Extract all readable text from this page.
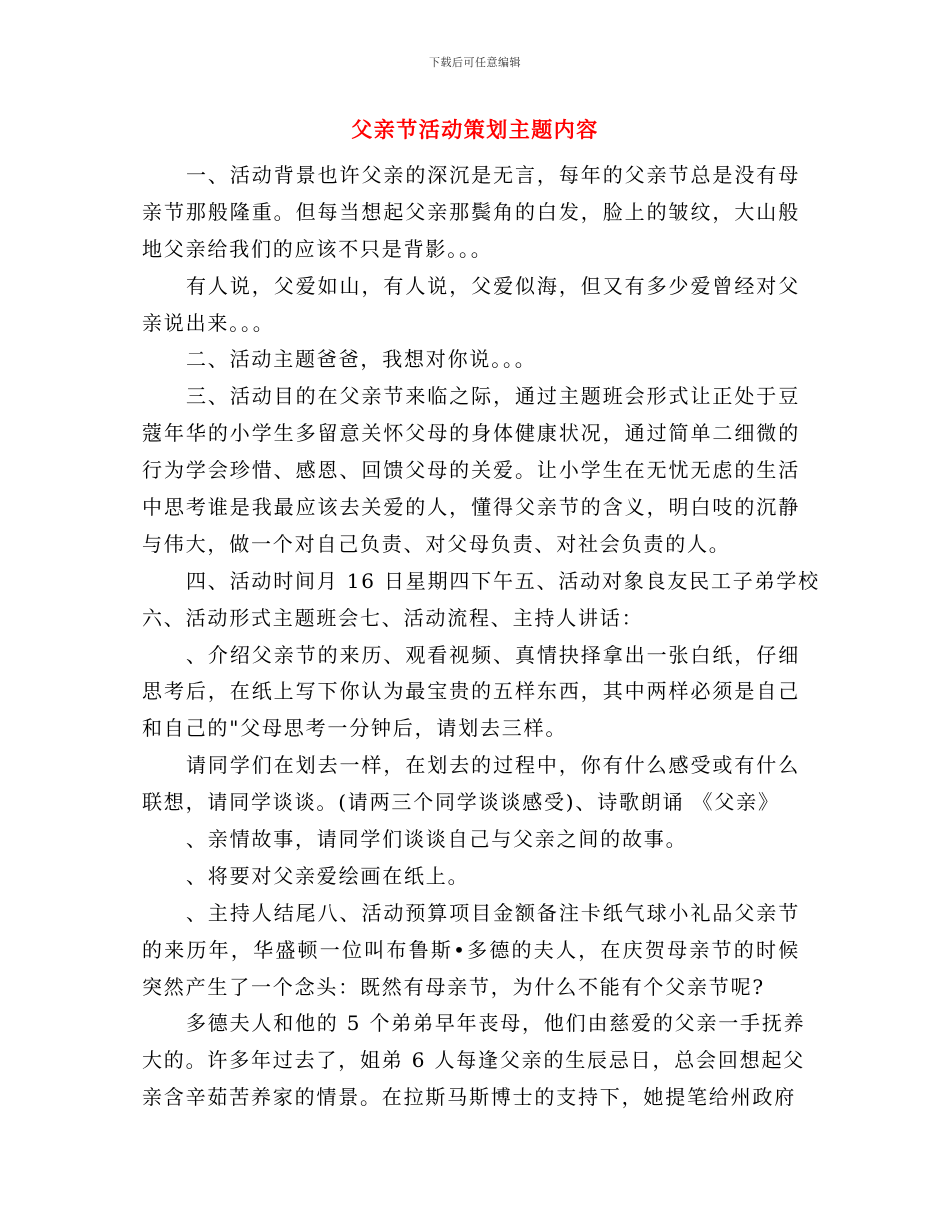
下载后可任意编辑
父亲节活动策划主题内容
一、活动背景也许父亲的深沉是无言，每年的父亲节总是没有母
亲节那般隆重。但每当想起父亲那鬓角的白发，脸上的皱纹，大山般
地父亲给我们的应该不只是背影。。。
有人说，父爱如山，有人说，父爱似海，但又有多少爱曾经对父
亲说出来。。。
二、活动主题爸爸，我想对你说。。。
三、活动目的在父亲节来临之际，通过主题班会形式让正处于豆
蔻年华的小学生多留意关怀父母的身体健康状况，通过简单二细微的
行为学会珍惜、感恩、回馈父母的关爱。让小学生在无忧无虑的生活
中思考谁是我最应该去关爱的人，懂得父亲节的含义，明白吱的沉静
与伟大，做一个对自己负责、对父母负责、对社会负责的人。
四、活动时间月 16 日星期四下午五、活动对象良友民工子弟学校
六、活动形式主题班会七、活动流程、主持人讲话：
、介绍父亲节的来历、观看视频、真情抉择拿出一张白纸，仔细
思考后，在纸上写下你认为最宝贵的五样东西，其中两样必须是自己
和自己的"父母思考一分钟后，请划去三样。
请同学们在划去一样，在划去的过程中，你有什么感受或有什么
联想，请同学谈谈。(请两三个同学谈谈感受)、诗歌朗诵 《父亲》
、亲情故事，请同学们谈谈自己与父亲之间的故事。
、将要对父亲爱绘画在纸上。
、主持人结尾八、活动预算项目金额备注卡纸气球小礼品父亲节
的来历年，华盛顿一位叫布鲁斯•多德的夫人，在庆贺母亲节的时候
突然产生了一个念头：既然有母亲节，为什么不能有个父亲节呢?
多德夫人和他的 5 个弟弟早年丧母，他们由慈爱的父亲一手抚养
大的。许多年过去了，姐弟 6 人每逢父亲的生辰忌日，总会回想起父
亲含辛茹苦养家的情景。在拉斯马斯博士的支持下，她提笔给州政府
